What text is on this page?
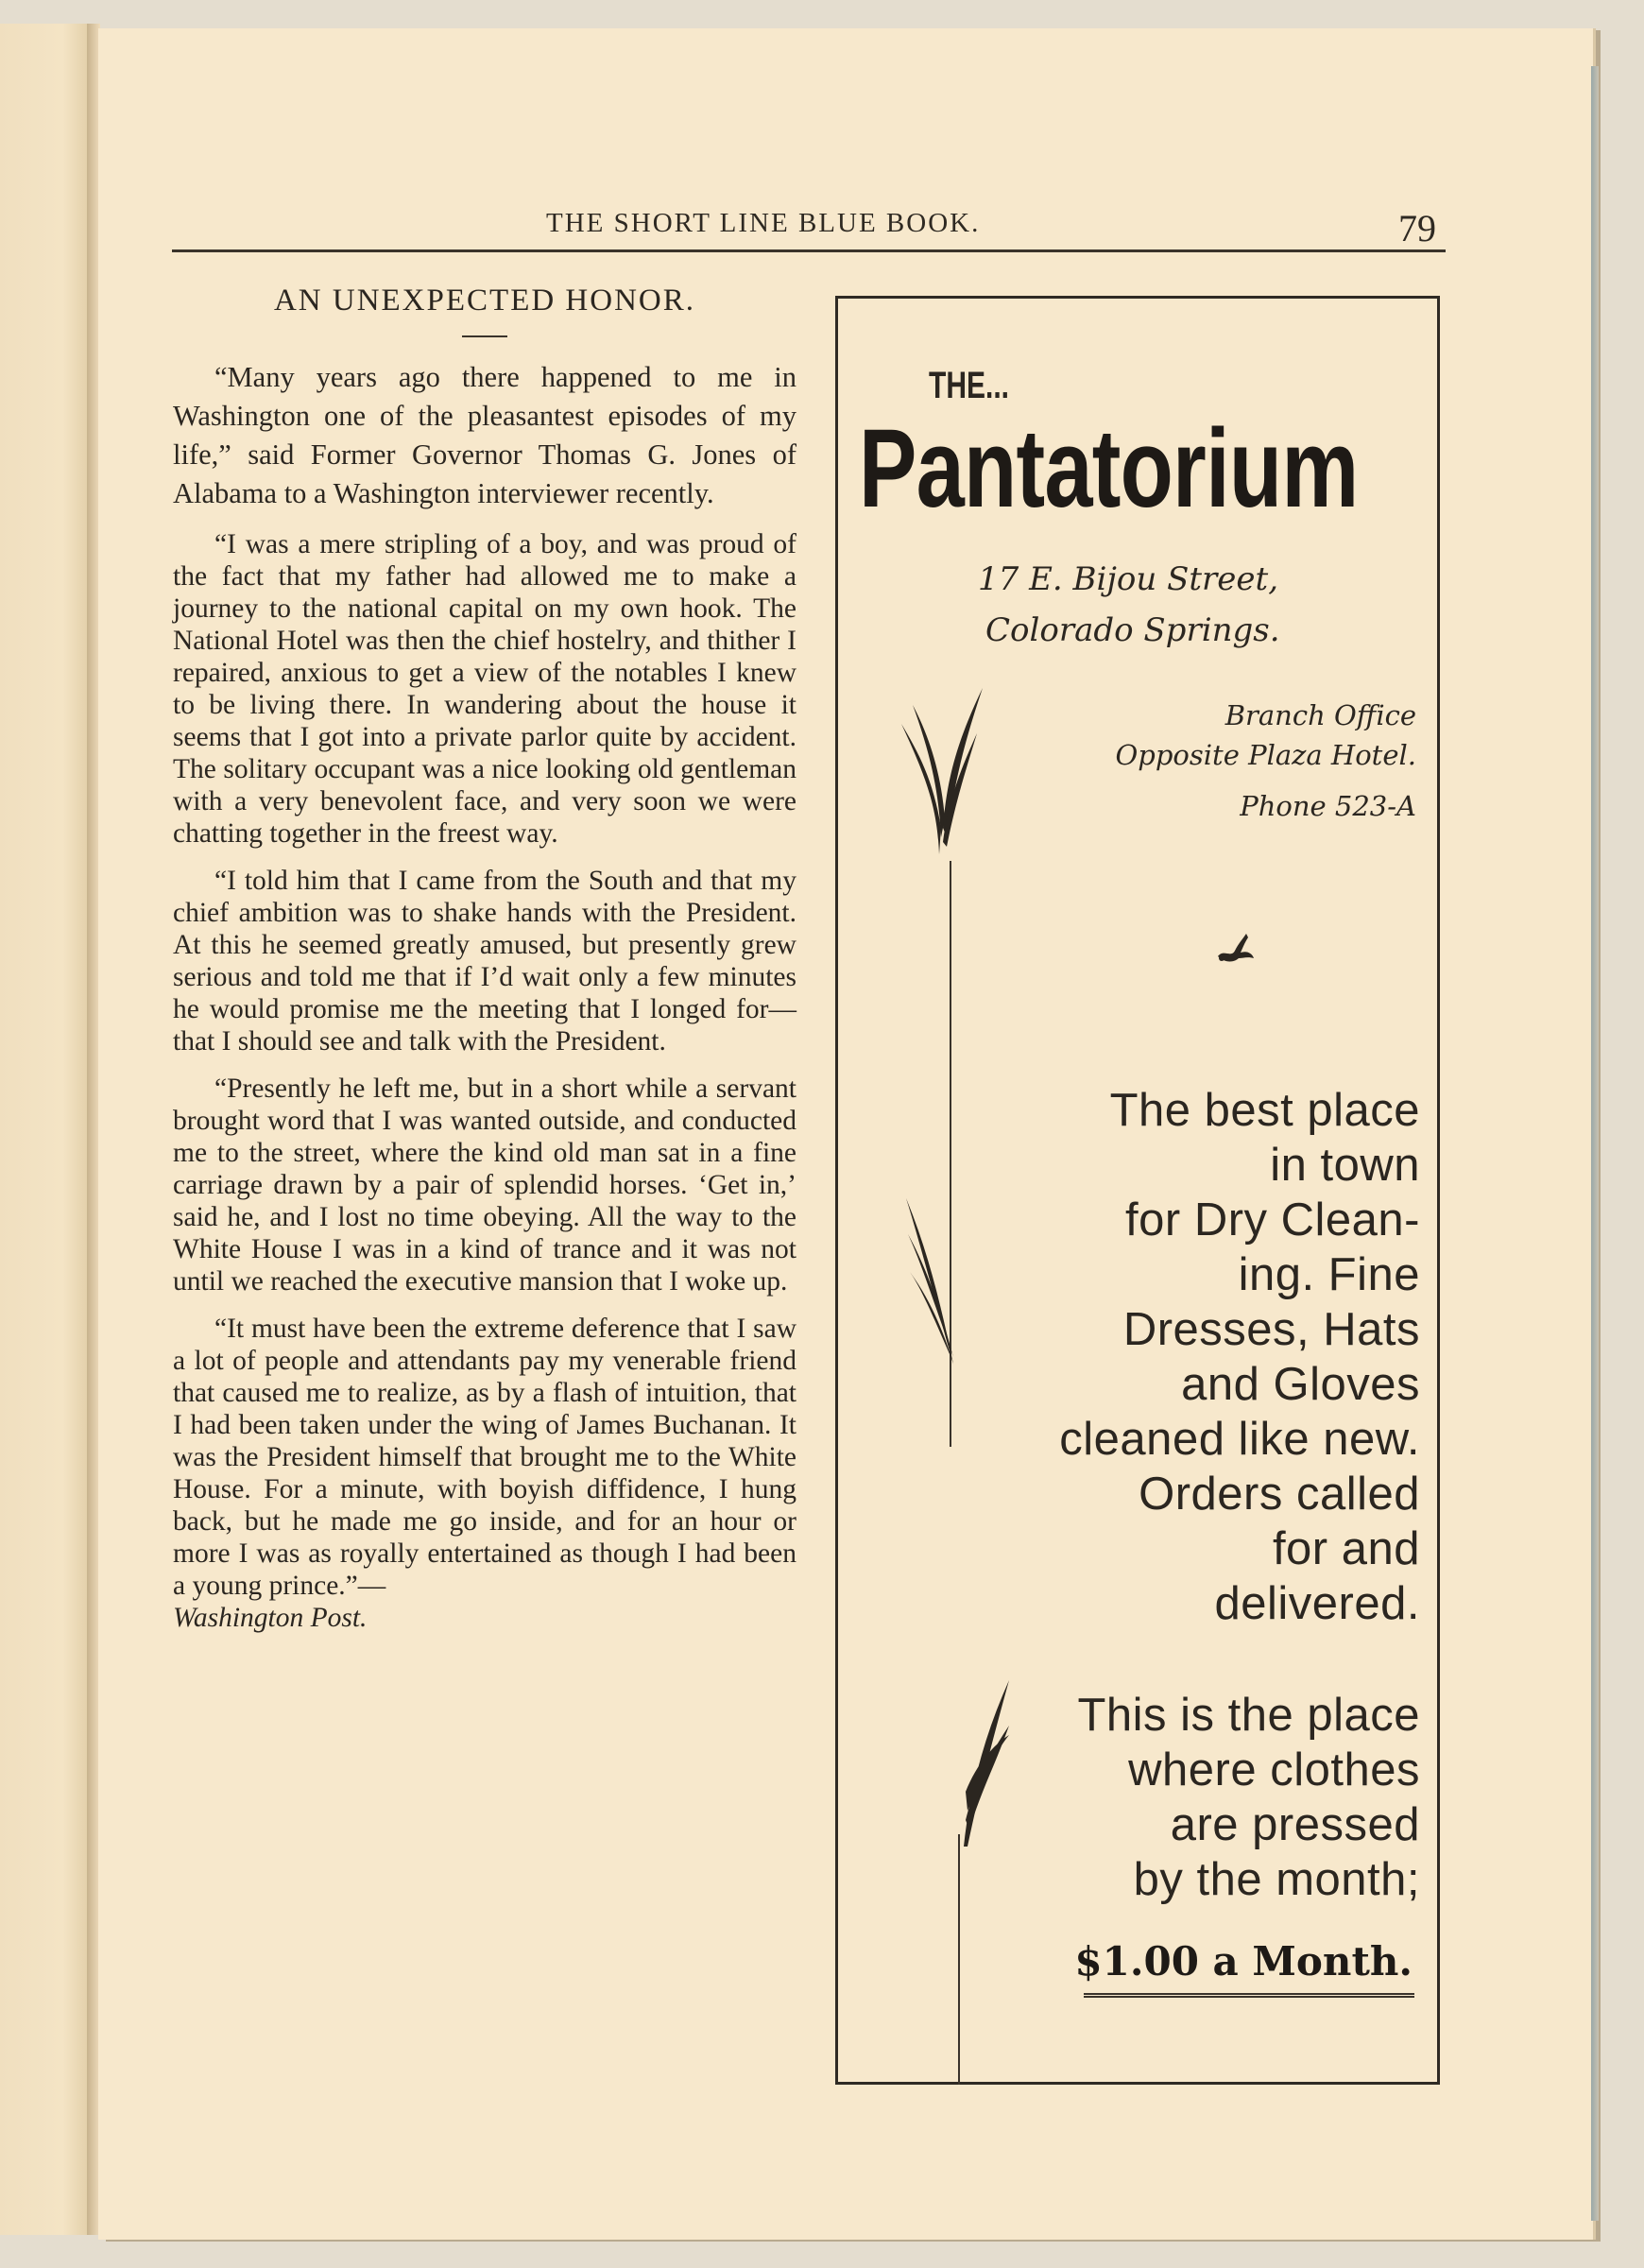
THE SHORT LINE BLUE BOOK.	79
AN UNEXPECTED HONOR.

“Many years ago there happened to me in Washington one of the pleasantest episodes of my life,” said Former Governor Thomas G. Jones of Alabama to a Washington interviewer recently.

“I was a mere stripling of a boy, and was proud of the fact that my father had allowed me to make a journey to the national capital on my own hook. The National Hotel was then the chief hostelry, and thither I repaired, anxious to get a view of the notables I knew to be living there. In wandering about the house it seems that I got into a private parlor quite by accident. The solitary occupant was a nice looking old gentleman with a very benevolent face, and very soon we were chatting together in the freest way.

“I told him that I came from the South and that my chief ambition was to shake hands with the President. At this he seemed greatly amused, but presently grew serious and told me that if I’d wait only a few minutes he would promise me the meeting that I longed for—that I should see and talk with the President.

“Presently he left me, but in a short while a servant brought word that I was wanted outside, and conducted me to the street, where the kind old man sat in a fine carriage drawn by a pair of splendid horses. ‘Get in,’ said he, and I lost no time obeying. All the way to the White House I was in a kind of trance and it was not until we reached the executive mansion that I woke up.

“It must have been the extreme deference that I saw a lot of people and attendants pay my venerable friend that caused me to realize, as by a flash of intuition, that I had been taken under the wing of James Buchanan. It was the President himself that brought me to the White House. For a minute, with boyish diffidence, I hung back, but he made me go inside, and for an hour or more I was as royally entertained as though I had been a young prince.”—
Washington Post.

THE...
Pantatorium
17 E. Bijou Street,
Colorado Springs.
Branch Office
Opposite Plaza Hotel.
Phone 523-A
The best place
in town
for Dry Clean-
ing. Fine
Dresses, Hats
and Gloves
cleaned like new.
Orders called
for and
delivered.
This is the place
where clothes
are pressed
by the month;
$1.00 a Month.
